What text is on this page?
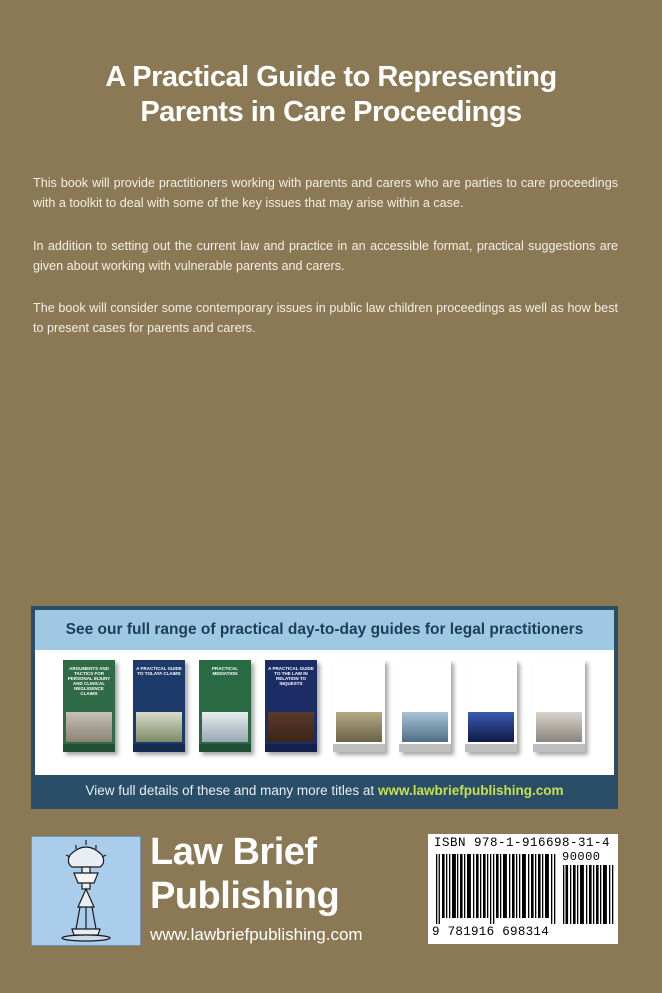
A Practical Guide to Representing
Parents in Care Proceedings

This book will provide practitioners working with parents and carers who are parties to care proceedings with a toolkit to deal with some of the key issues that may arise within a case.

In addition to setting out the current law and practice in an accessible format, practical suggestions are given about working with vulnerable parents and carers.

The book will consider some contemporary issues in public law children proceedings as well as how best to present cases for parents and carers.

See our full range of practical day-to-day guides for legal practitioners
ARGUMENTS AND TACTICS FOR PERSONAL INJURY AND CLINICAL NEGLIGENCE CLAIMS
A PRACTICAL GUIDE TO TOLATA CLAIMS
PRACTICAL MEDIATION
A PRACTICAL GUIDE TO THE LAW IN RELATION TO INQUESTS
A PRACTICAL GUIDE TO THE LAW OF DEPRIVATION OF LIBERTY
A PRACTICAL GUIDE TO EDUCATION, HEALTH AND CARE PLAN APPEALS IN ENGLAND
ARTIFICIAL INTELLIGENCE
A PRACTICAL GUIDE TO ADMINISTERING ESTATES AND OBTAINING PROBATE IN ENGLAND & WALES
View full details of these and many more titles at www.lawbriefpublishing.com
Law Brief
Publishing
www.lawbriefpublishing.com
ISBN 978-1-916698-31-4
90000
9 781916 698314
